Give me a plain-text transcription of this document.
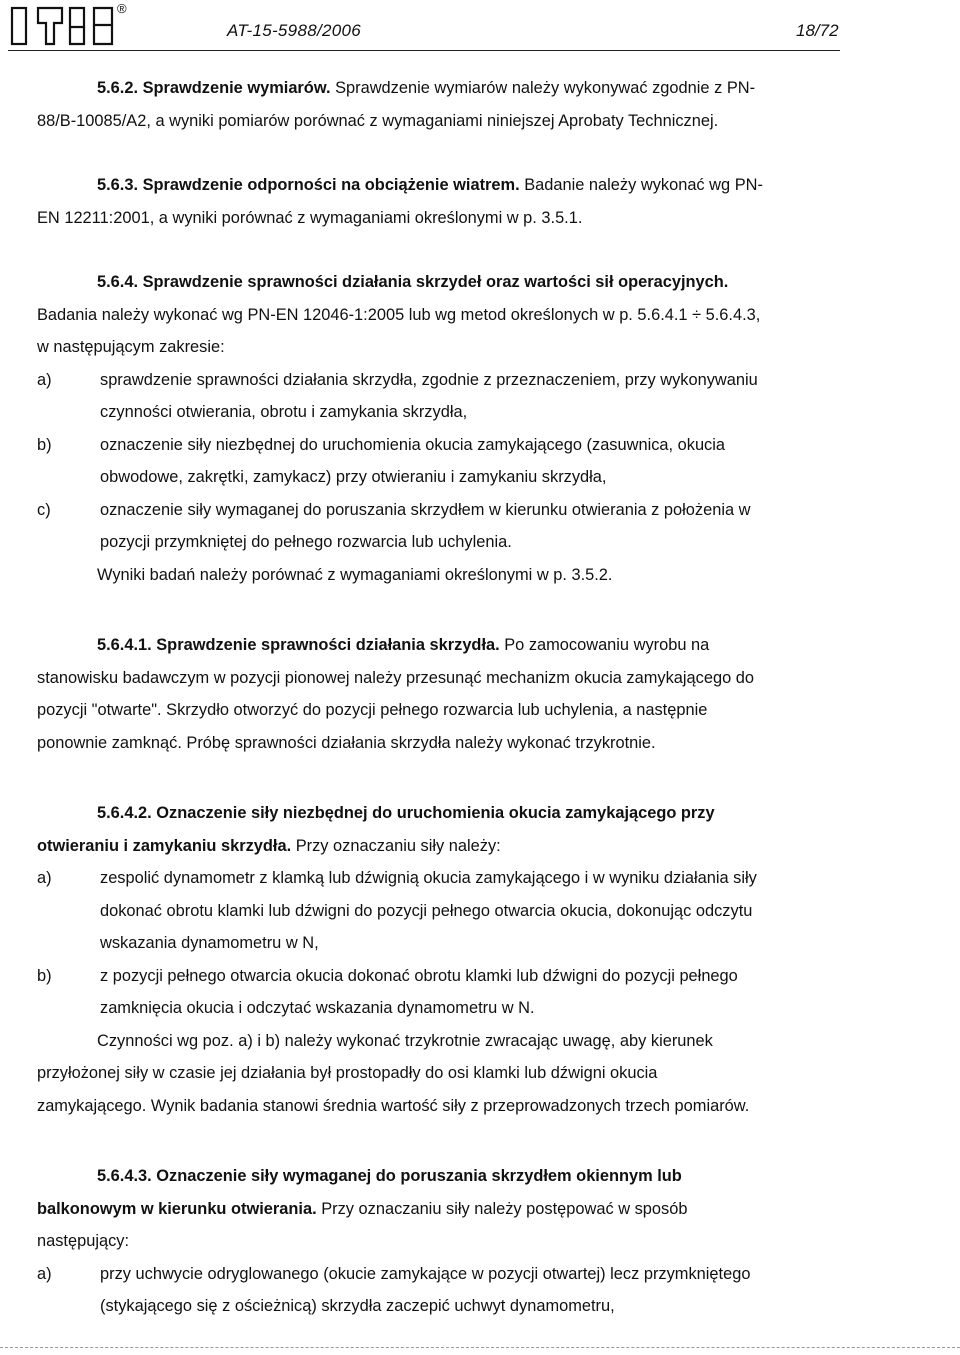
®
AT-15-5988/2006	18/72

5.6.2. Sprawdzenie wymiarów. Sprawdzenie wymiarów należy wykonywać zgodnie z PN-

88/B-10085/A2, a wyniki pomiarów porównać z wymaganiami niniejszej Aprobaty Technicznej.

5.6.3. Sprawdzenie odporności na obciążenie wiatrem. Badanie należy wykonać wg PN-

EN 12211:2001, a wyniki porównać z wymaganiami określonymi w p. 3.5.1.

5.6.4. Sprawdzenie sprawności działania skrzydeł oraz wartości sił operacyjnych.

Badania należy wykonać wg PN-EN 12046-1:2005 lub wg metod określonych w p. 5.6.4.1 ÷ 5.6.4.3,

w następującym zakresie:

a)	sprawdzenie sprawności działania skrzydła, zgodnie z przeznaczeniem, przy wykonywaniu

czynności otwierania, obrotu i zamykania skrzydła,

b)	oznaczenie siły niezbędnej do uruchomienia okucia zamykającego (zasuwnica, okucia

obwodowe, zakrętki, zamykacz) przy otwieraniu i zamykaniu skrzydła,

c)	oznaczenie siły wymaganej do poruszania skrzydłem w kierunku otwierania z położenia w

pozycji przymkniętej do pełnego rozwarcia lub uchylenia.

Wyniki badań należy porównać z wymaganiami określonymi w p. 3.5.2.

5.6.4.1. Sprawdzenie sprawności działania skrzydła. Po zamocowaniu wyrobu na

stanowisku badawczym w pozycji pionowej należy przesunąć mechanizm okucia zamykającego do

pozycji "otwarte". Skrzydło otworzyć do pozycji pełnego rozwarcia lub uchylenia, a następnie

ponownie zamknąć. Próbę sprawności działania skrzydła należy wykonać trzykrotnie.

5.6.4.2. Oznaczenie siły niezbędnej do uruchomienia okucia zamykającego przy

otwieraniu i zamykaniu skrzydła. Przy oznaczaniu siły należy:

a)	zespolić dynamometr z klamką lub dźwignią okucia zamykającego i w wyniku działania siły

dokonać obrotu klamki lub dźwigni do pozycji pełnego otwarcia okucia, dokonując odczytu

wskazania dynamometru w N,

b)	z pozycji pełnego otwarcia okucia dokonać obrotu klamki lub dźwigni do pozycji pełnego

zamknięcia okucia i odczytać wskazania dynamometru w N.

Czynności wg poz. a) i b) należy wykonać trzykrotnie zwracając uwagę, aby kierunek

przyłożonej siły w czasie jej działania był prostopadły do osi klamki lub dźwigni okucia

zamykającego. Wynik badania stanowi średnia wartość siły z przeprowadzonych trzech pomiarów.

5.6.4.3. Oznaczenie siły wymaganej do poruszania skrzydłem okiennym lub

balkonowym w kierunku otwierania. Przy oznaczaniu siły należy postępować w sposób

następujący:

a)	przy uchwycie odryglowanego (okucie zamykające w pozycji otwartej) lecz przymkniętego

(stykającego się z ościeżnicą) skrzydła zaczepić uchwyt dynamometru,
